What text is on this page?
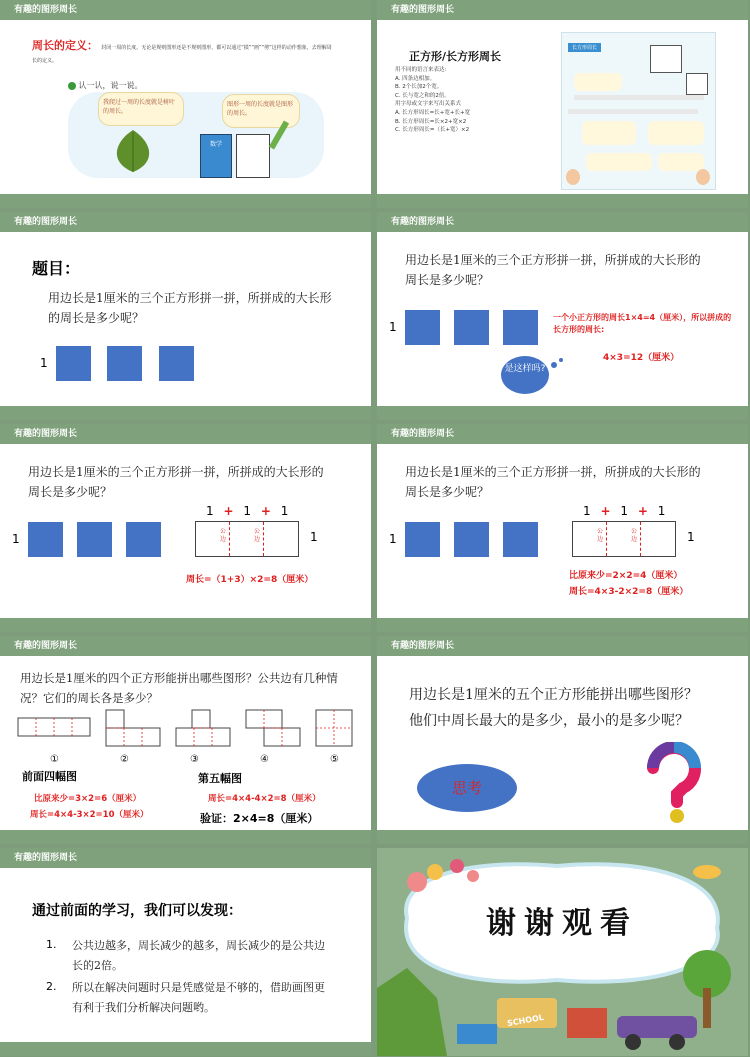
有趣的图形周长
周长的定义： 封闭一周的长度。无论是规则图形还是不规则图形，都可以通过“摸”“画”“剪”这样的动作想象，去理解周长的定义。
认一认，说一说。
我爬过一周的长度就是树叶的周长。
图形一周的长度就是图形的周长。
数学
有趣的图形周长
正方形/长方形周长
用不同的语言来表达:
A. 四条边相加。
B. 2个长加2个宽。
C. 长与宽之和的2倍。
用字母或文字来写出关系式
A. 长方形周长=长+宽+长+宽
B. 长方形周长=长×2+宽×2
C. 长方形周长=（长+宽）×2
长方形周长
有趣的图形周长
题目：
用边长是1厘米的三个正方形拼一拼，所拼成的大长形的周长是多少呢？
1
有趣的图形周长
用边长是1厘米的三个正方形拼一拼，所拼成的大长形的周长是多少呢？
1
一个小正方形的周长1×4=4（厘米），所以拼成的长方形的周长:
4×3=12（厘米）
是这样吗?
有趣的图形周长
用边长是1厘米的三个正方形拼一拼，所拼成的大长形的周长是多少呢？
1
1 + 1 + 1
公边
公边	1
周长=（1+3）×2=8（厘米）
有趣的图形周长
用边长是1厘米的三个正方形拼一拼，所拼成的大长形的周长是多少呢？
1
1 + 1 + 1
公边
公边	1
比原来少=2×2=4（厘米）
周长=4×3-2×2=8（厘米）
有趣的图形周长
用边长是1厘米的四个正方形能拼出哪些图形？公共边有几种情况？它们的周长各是多少？
①	②	③	④	⑤
前面四幅图
比原来少=3×2=6（厘米）
周长=4×4-3×2=10（厘米）
第五幅图
周长=4×4-4×2=8（厘米）
验证：2×4=8（厘米）
有趣的图形周长
用边长是1厘米的五个正方形能拼出哪些图形？他们中周长最大的是多少，最小的是多少呢？
思考
有趣的图形周长
通过前面的学习，我们可以发现：
1. 公共边越多，周长减少的越多，周长减少的是公共边长的2倍。
2. 所以在解决问题时只是凭感觉是不够的，借助画图更有利于我们分析解决问题哟。
谢谢观看
SCHOOL
